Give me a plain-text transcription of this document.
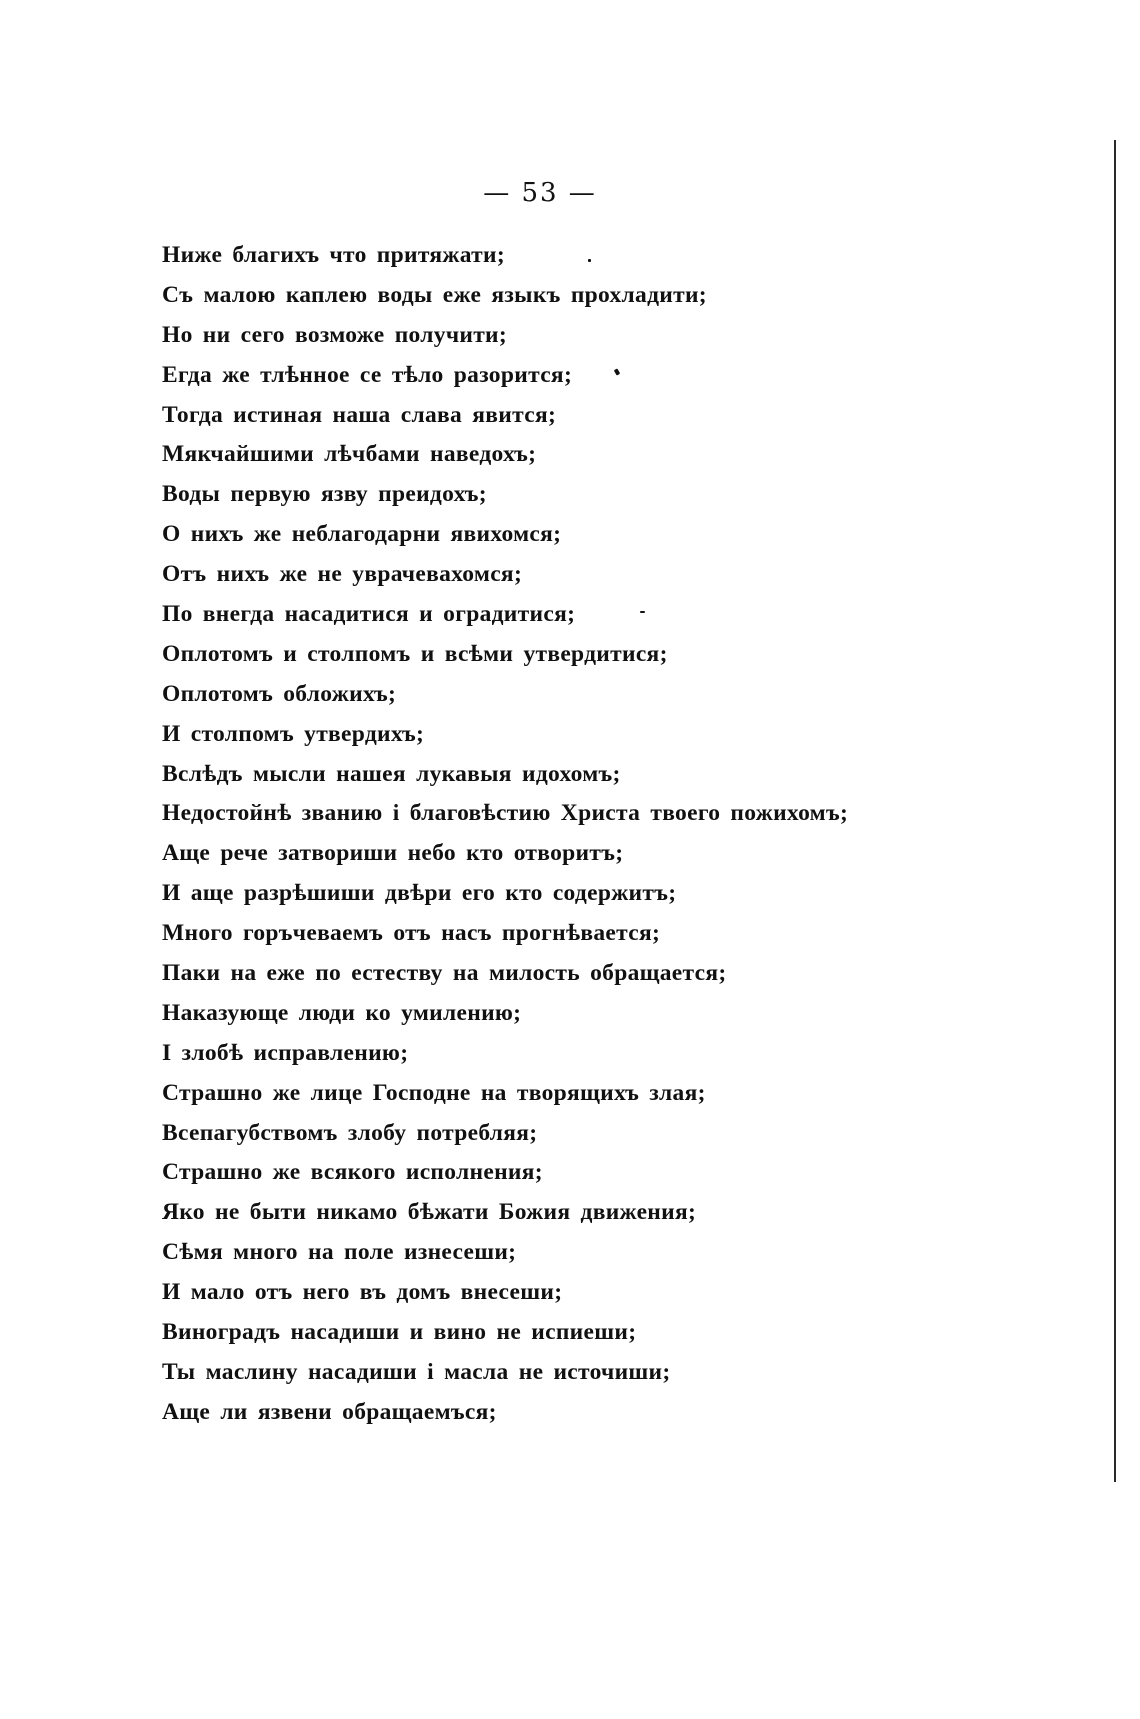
— 53 —
Ниже благихъ что притяжати;
Съ малою каплею воды еже языкъ прохладити;
Но ни сего возможе получити;
Егда же тлѣнное се тѣло разорится;
Тогда истиная наша слава явится;
Мякчайшими лѣчбами наведохъ;
Воды первую язву преидохъ;
О нихъ же неблагодарни явихомся;
Отъ нихъ же не уврачевахомся;
По внегда насадитися и оградитися;
Оплотомъ и столпомъ и всѣми утвердитися;
Оплотомъ обложихъ;
И столпомъ утвердихъ;
Вслѣдъ мысли нашея лукавыя идохомъ;
Недостойнѣ званию і благовѣстию Христа твоего пожихомъ;
Аще рече затвориши небо кто отворитъ;
И аще разрѣшиши двѣри его кто содержитъ;
Много горъчеваемъ отъ насъ прогнѣвается;
Паки на еже по естеству на милость обращается;
Наказующе люди ко умилению;
І злобѣ исправлению;
Страшно же лице Господне на творящихъ злая;
Всепагубствомъ злобу потребляя;
Страшно же всякого исполнения;
Яко не быти никамо бѣжати Божия движения;
Сѣмя много на поле изнесеши;
И мало отъ него въ домъ внесеши;
Виноградъ насадиши и вино не испиеши;
Ты маслину насадиши і масла не источиши;
Аще ли язвени обращаемъся;
